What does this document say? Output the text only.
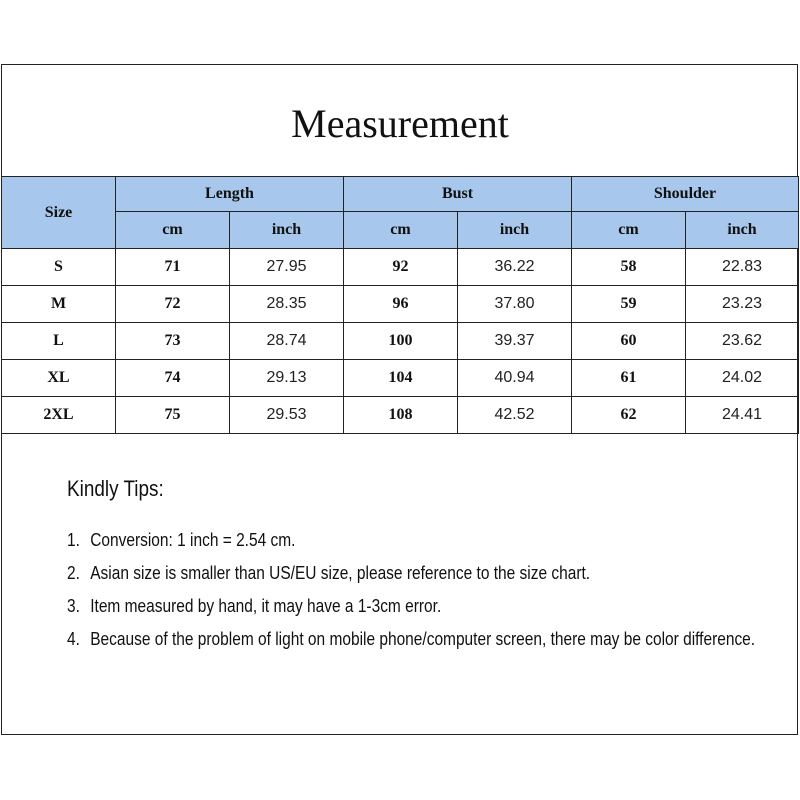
Measurement
Size	Length		Bust		Shoulder	
	cm	inch	cm	inch	cm	inch
S	71	27.95	92	36.22	58	22.83
M	72	28.35	96	37.80	59	23.23
L	73	28.74	100	39.37	60	23.62
XL	74	29.13	104	40.94	61	24.02
2XL	75	29.53	108	42.52	62	24.41
Kindly Tips:
1. Conversion: 1 inch = 2.54 cm.
2. Asian size is smaller than US/EU size, please reference to the size chart.
3. Item measured by hand, it may have a 1-3cm error.
4. Because of the problem of light on mobile phone/computer screen, there may be color difference.
